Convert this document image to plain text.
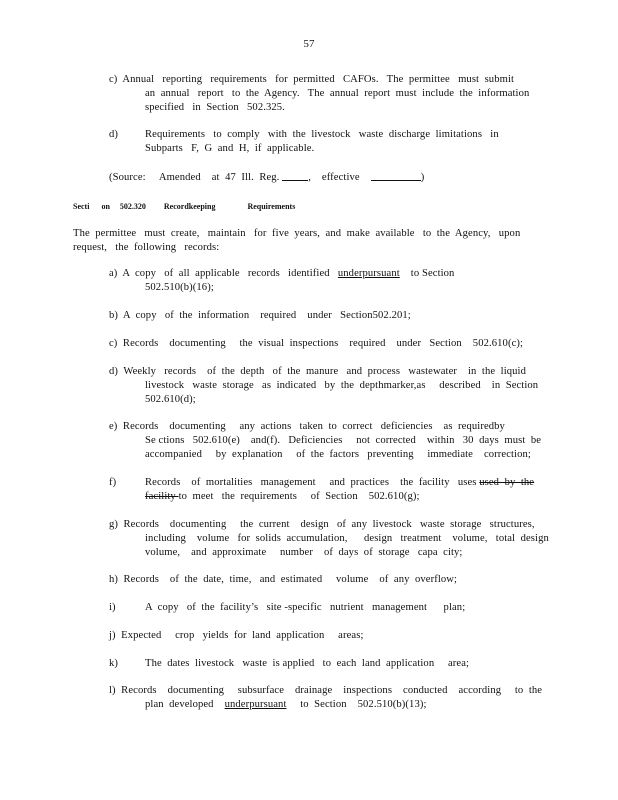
57
c)  Annual   reporting   requirements   for  permitted   CAFOs.   The  permittee   must  submit

an  annual   report   to  the  Agency.   The  annual  report  must  include  the  information
specified   in  Section   502.325.
d)	Requirements   to  comply   with  the  livestock   waste  discharge  limitations   in
Subparts   F,  G  and  H,  if  applicable.
(Source:     Amended    at  47  Ill.  Reg.	,    effective	)
Secti on 502.320 Recordkeeping	Requirements
The  permittee   must  create,   maintain   for  five  years,  and  make  available   to  the  Agency,   upon
request,   the  following   records:
a)  A  copy   of  all  applicable   records   identified   underpursuant    to Section
502.510(b)(16);
b)  A  copy   of  the  information    required    under   Section502.201;
c)  Records    documenting     the  visual  inspections    required    under   Section    502.610(c);
d)  Weekly   records    of  the  depth   of  the  manure   and  process   wastewater    in  the  liquid

livestock   waste  storage   as  indicated   by  the  depthmarker,as     described    in  Section
502.610(d);
e)  Records    documenting     any  actions   taken  to  correct   deficiencies    as  requiredby

Se ctions   502.610(e)    and(f).   Deficiencies     not  corrected    within   30  days  must  be
accompanied     by  explanation     of  the  factors   preventing     immediate    correction;
f)	Records    of  mortalities   management     and  practices    the  facility   uses used  by  the
facility to  meet   the  requirements     of  Section    502.610(g);
g)  Records    documenting     the  current    design   of  any  livestock   waste  storage   structures,

including    volume   for  solids  accumulation,      design   treatment    volume,   total  design
volume,    and  approximate     number    of  days  of  storage   capa  city;
h)  Records    of  the  date,  time,   and  estimated     volume    of  any  overflow;
i)	A  copy   of  the  facility’s   site -specific   nutrient   management      plan;
j)  Expected     crop   yields  for  land  application     areas;
k)	The  dates  livestock   waste  is applied   to  each  land  application     area;
l)  Records    documenting     subsurface    drainage    inspections    conducted    according     to  the

plan  developed    underpursuant     to  Section    502.510(b)(13);
